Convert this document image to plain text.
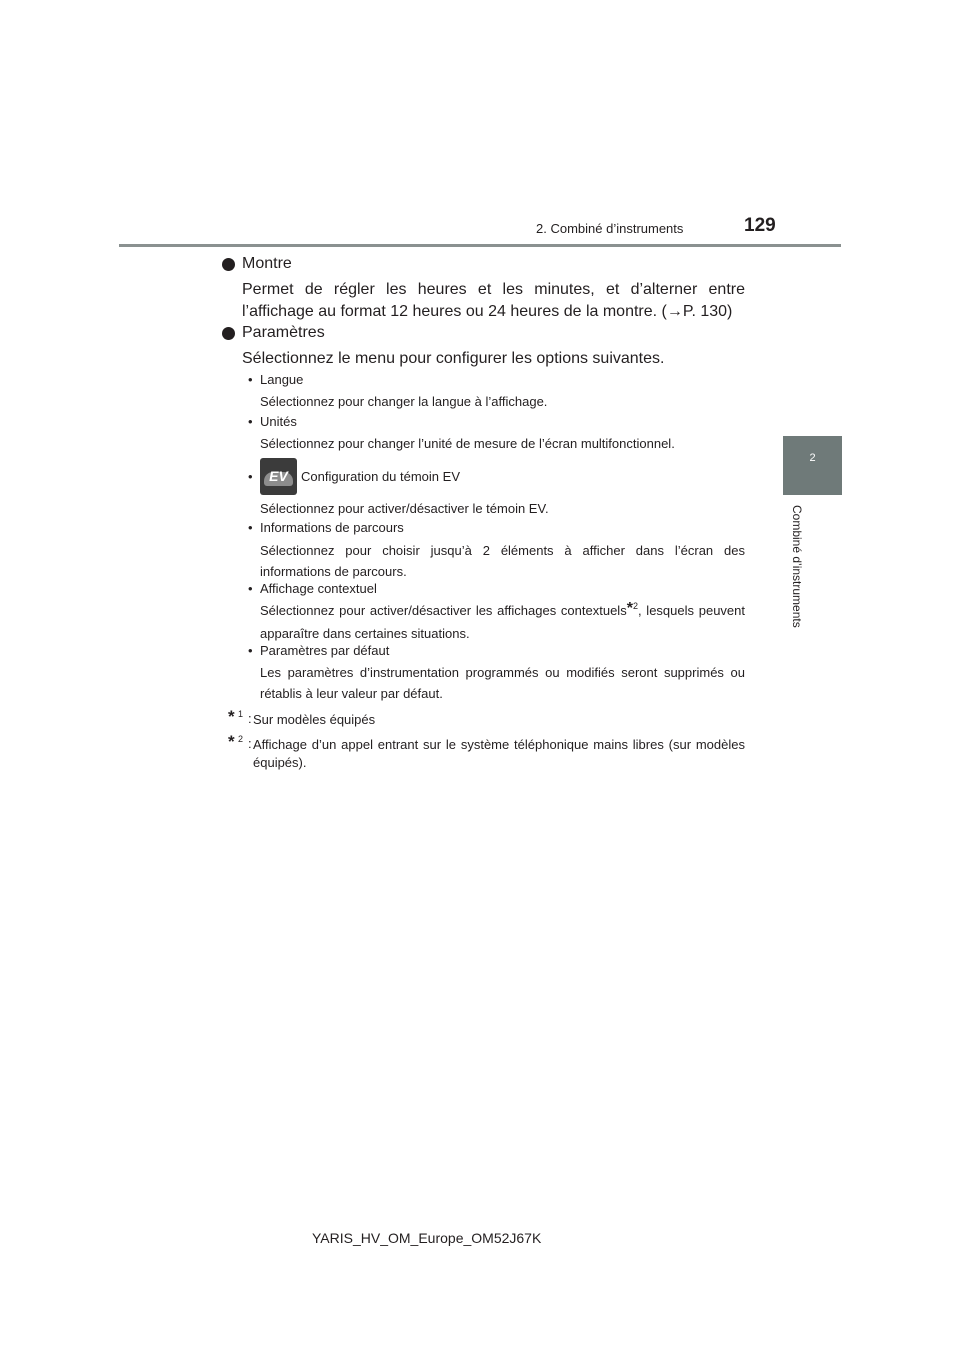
2. Combiné d’instruments	129
2
Combiné d’instruments
Montre
Permet de régler les heures et les minutes, et d’alterner entre l’affichage au format 12 heures ou 24 heures de la montre. (→P. 130)
Paramètres
Sélectionnez le menu pour configurer les options suivantes.
• Langue
Sélectionnez pour changer la langue à l’affichage.
• Unités
Sélectionnez pour changer l’unité de mesure de l’écran multifonctionnel.
•	EV	Configuration du témoin EV
Sélectionnez pour activer/désactiver le témoin EV.
• Informations de parcours
Sélectionnez pour choisir jusqu’à 2 éléments à afficher dans l’écran des informations de parcours.
• Affichage contextuel
Sélectionnez pour activer/désactiver les affichages contextuels*$^2$, lesquels peuvent apparaître dans certaines situations.
• Paramètres par défaut
Les paramètres d’instrumentation programmés ou modifiés seront supprimés ou rétablis à leur valeur par défaut.
* 1 : Sur modèles équipés
* 2 : Affichage d’un appel entrant sur le système téléphonique mains libres (sur modèles équipés).
YARIS_HV_OM_Europe_OM52J67K
